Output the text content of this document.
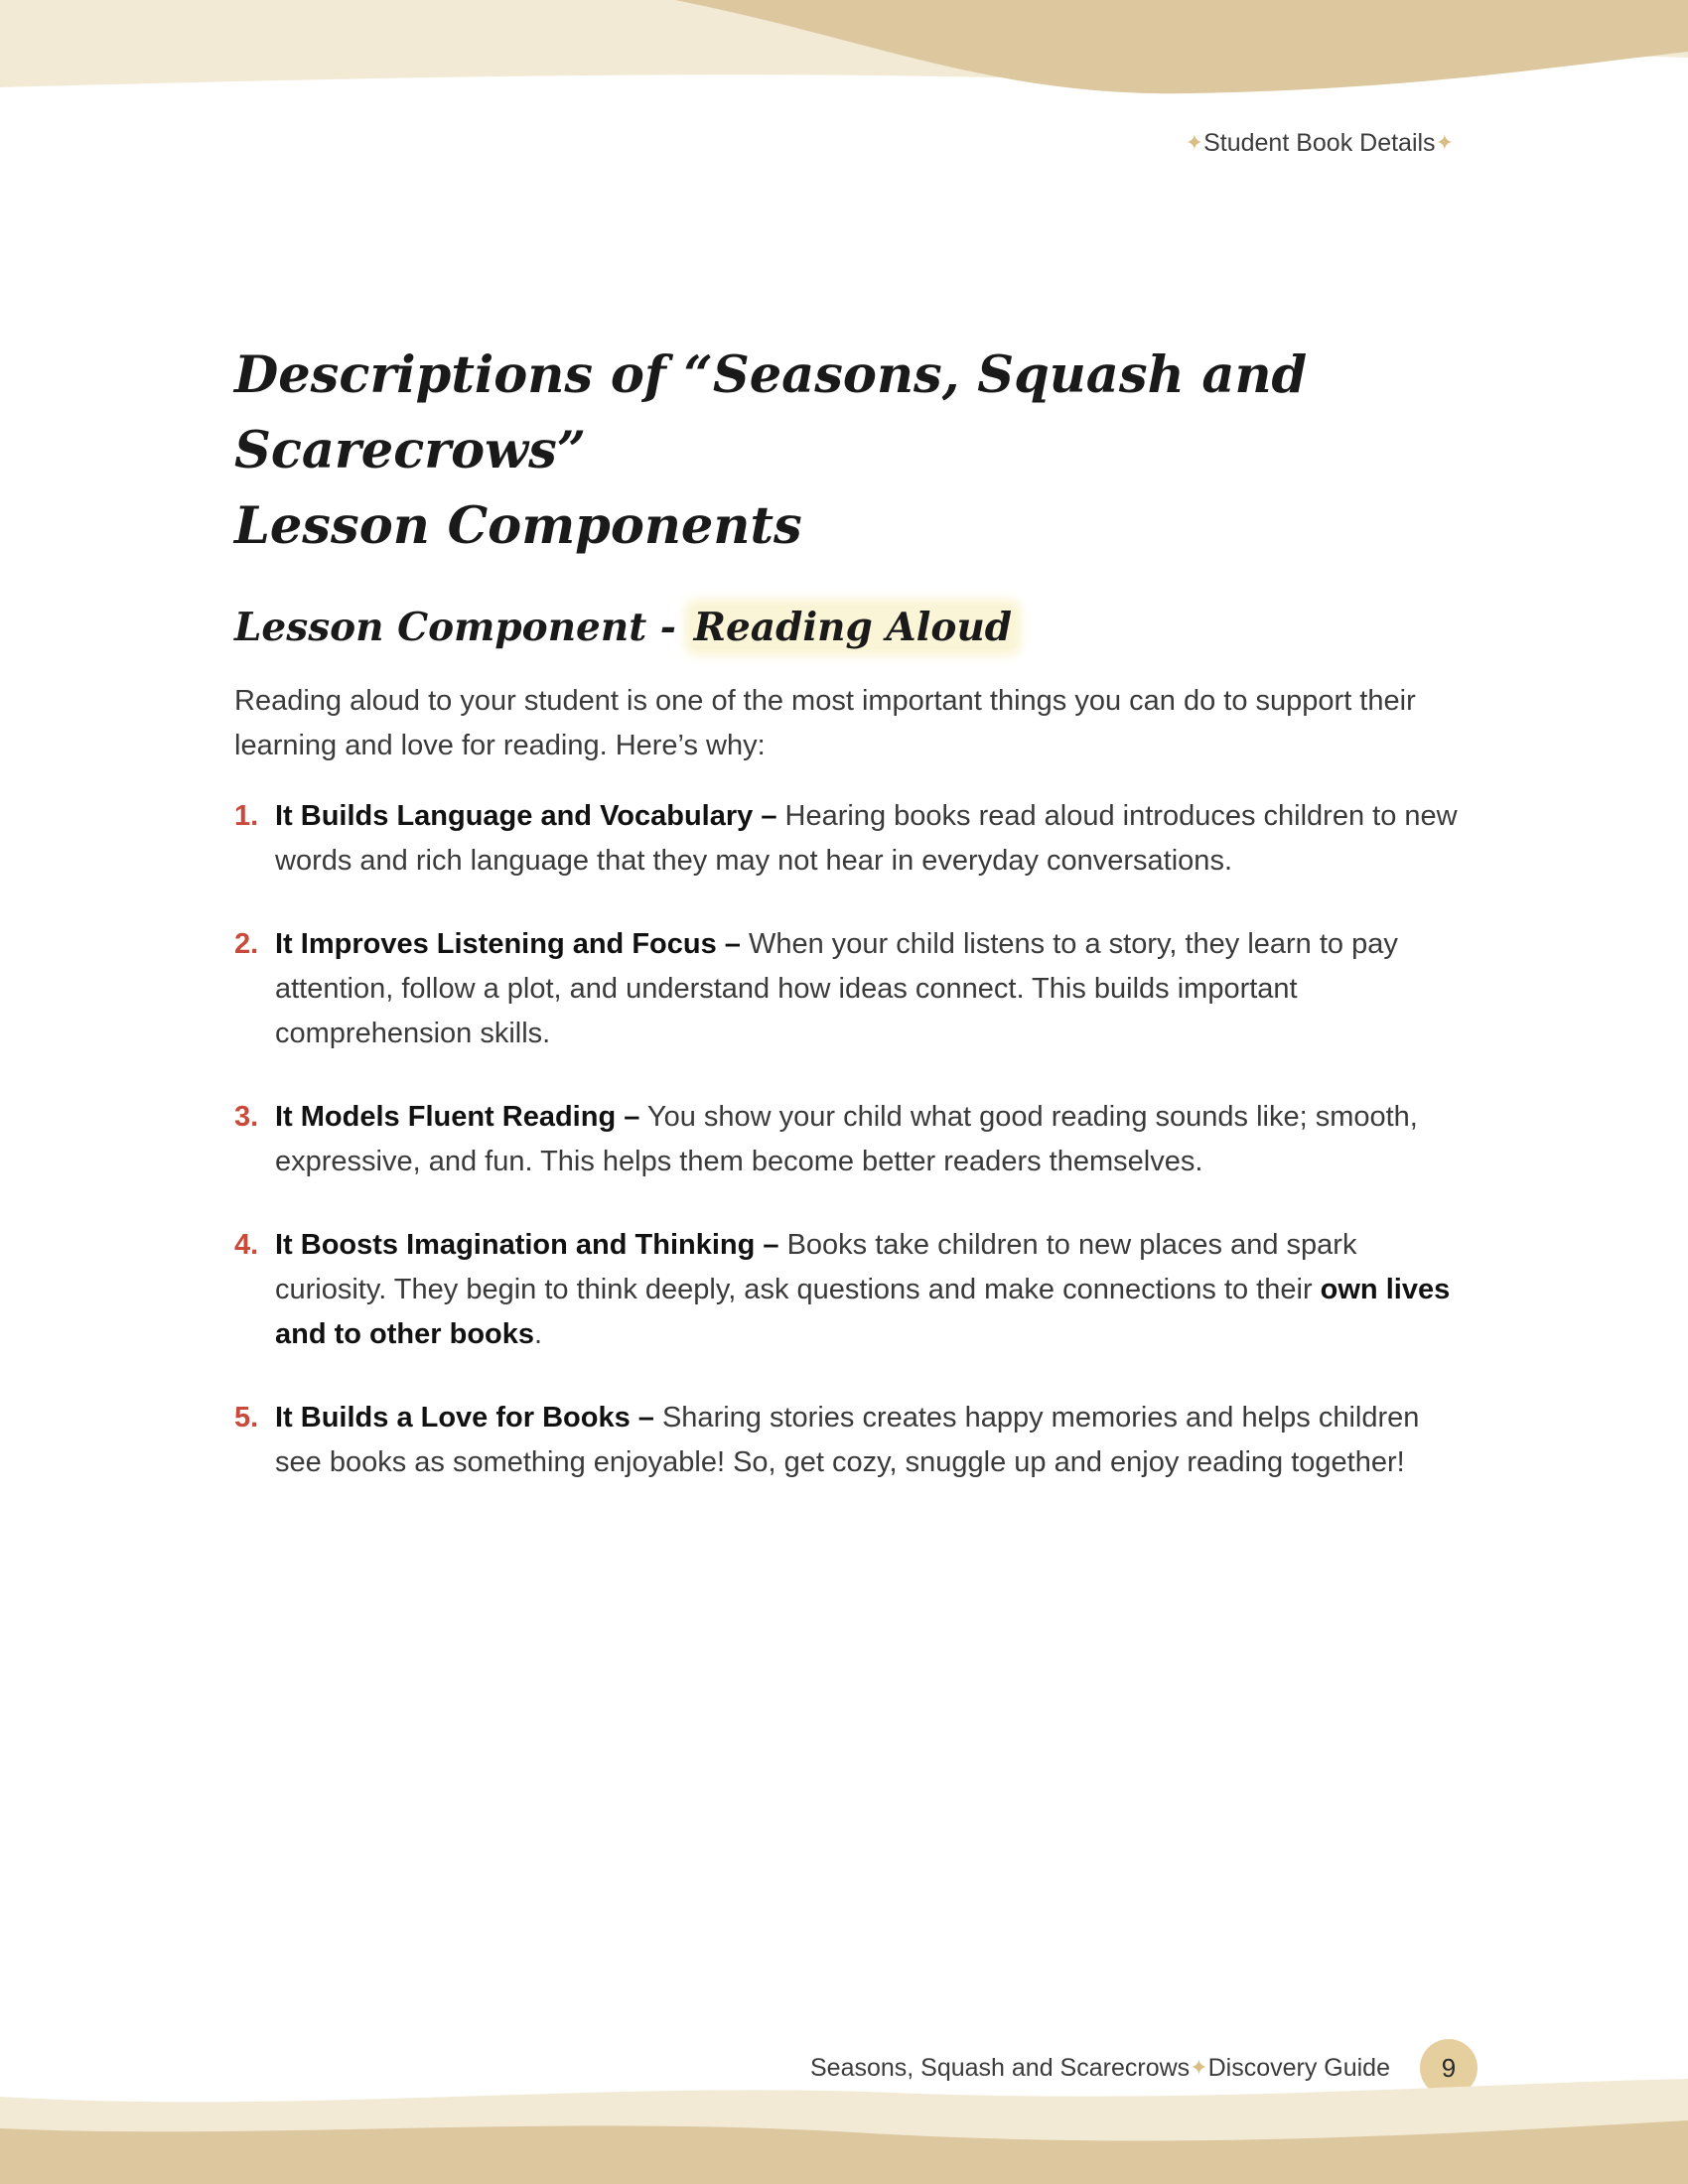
✦Student Book Details✦
Descriptions of “Seasons, Squash and Scarecrows”
Lesson Components
Lesson Component - Reading Aloud

Reading aloud to your student is one of the most important things you can do to support their learning and love for reading. Here’s why:

1. It Builds Language and Vocabulary – Hearing books read aloud introduces children to new words and rich language that they may not hear in everyday conversations.
2. It Improves Listening and Focus – When your child listens to a story, they learn to pay attention, follow a plot, and understand how ideas connect. This builds important comprehension skills.
3. It Models Fluent Reading – You show your child what good reading sounds like; smooth, expressive, and fun. This helps them become better readers themselves.
4. It Boosts Imagination and Thinking – Books take children to new places and spark curiosity. They begin to think deeply, ask questions and make connections to their own lives and to other books.
5. It Builds a Love for Books – Sharing stories creates happy memories and helps children see books as something enjoyable! So, get cozy, snuggle up and enjoy reading together!
Seasons, Squash and Scarecrows ✦ Discovery Guide 9
